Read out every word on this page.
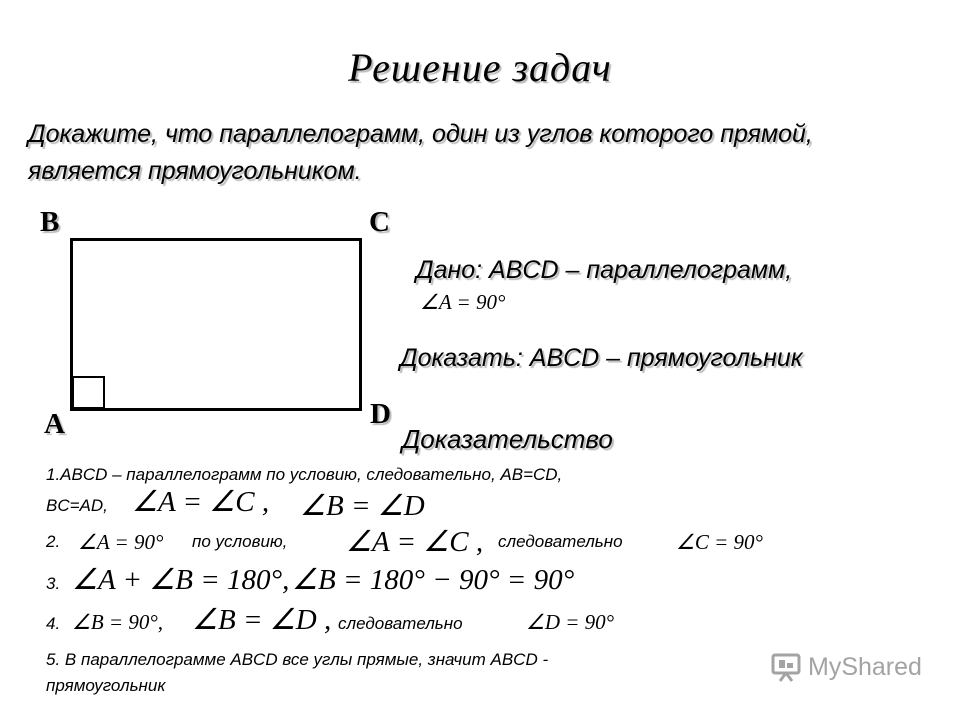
Решение задач
Докажите, что параллелограмм, один из углов которого прямой, является прямоугольником.
B	C
A	D
Дано: ABCD – параллелограмм,
∠A = 90°
Доказать: ABCD – прямоугольник
Доказательство
1.ABCD – параллелограмм по условию, следовательно, AB=CD,
BC=AD, ∠A = ∠C , ∠B = ∠D
2. ∠A = 90° по условию, ∠A = ∠C , следовательно	∠C = 90°
3. ∠A + ∠B = 180°, ∠B = 180° − 90° = 90°
4. ∠B = 90°, ∠B = ∠D , следовательно	∠D = 90°
5. В параллелограмме ABCD все углы прямые, значит ABCD -
прямоугольник
MyShared
